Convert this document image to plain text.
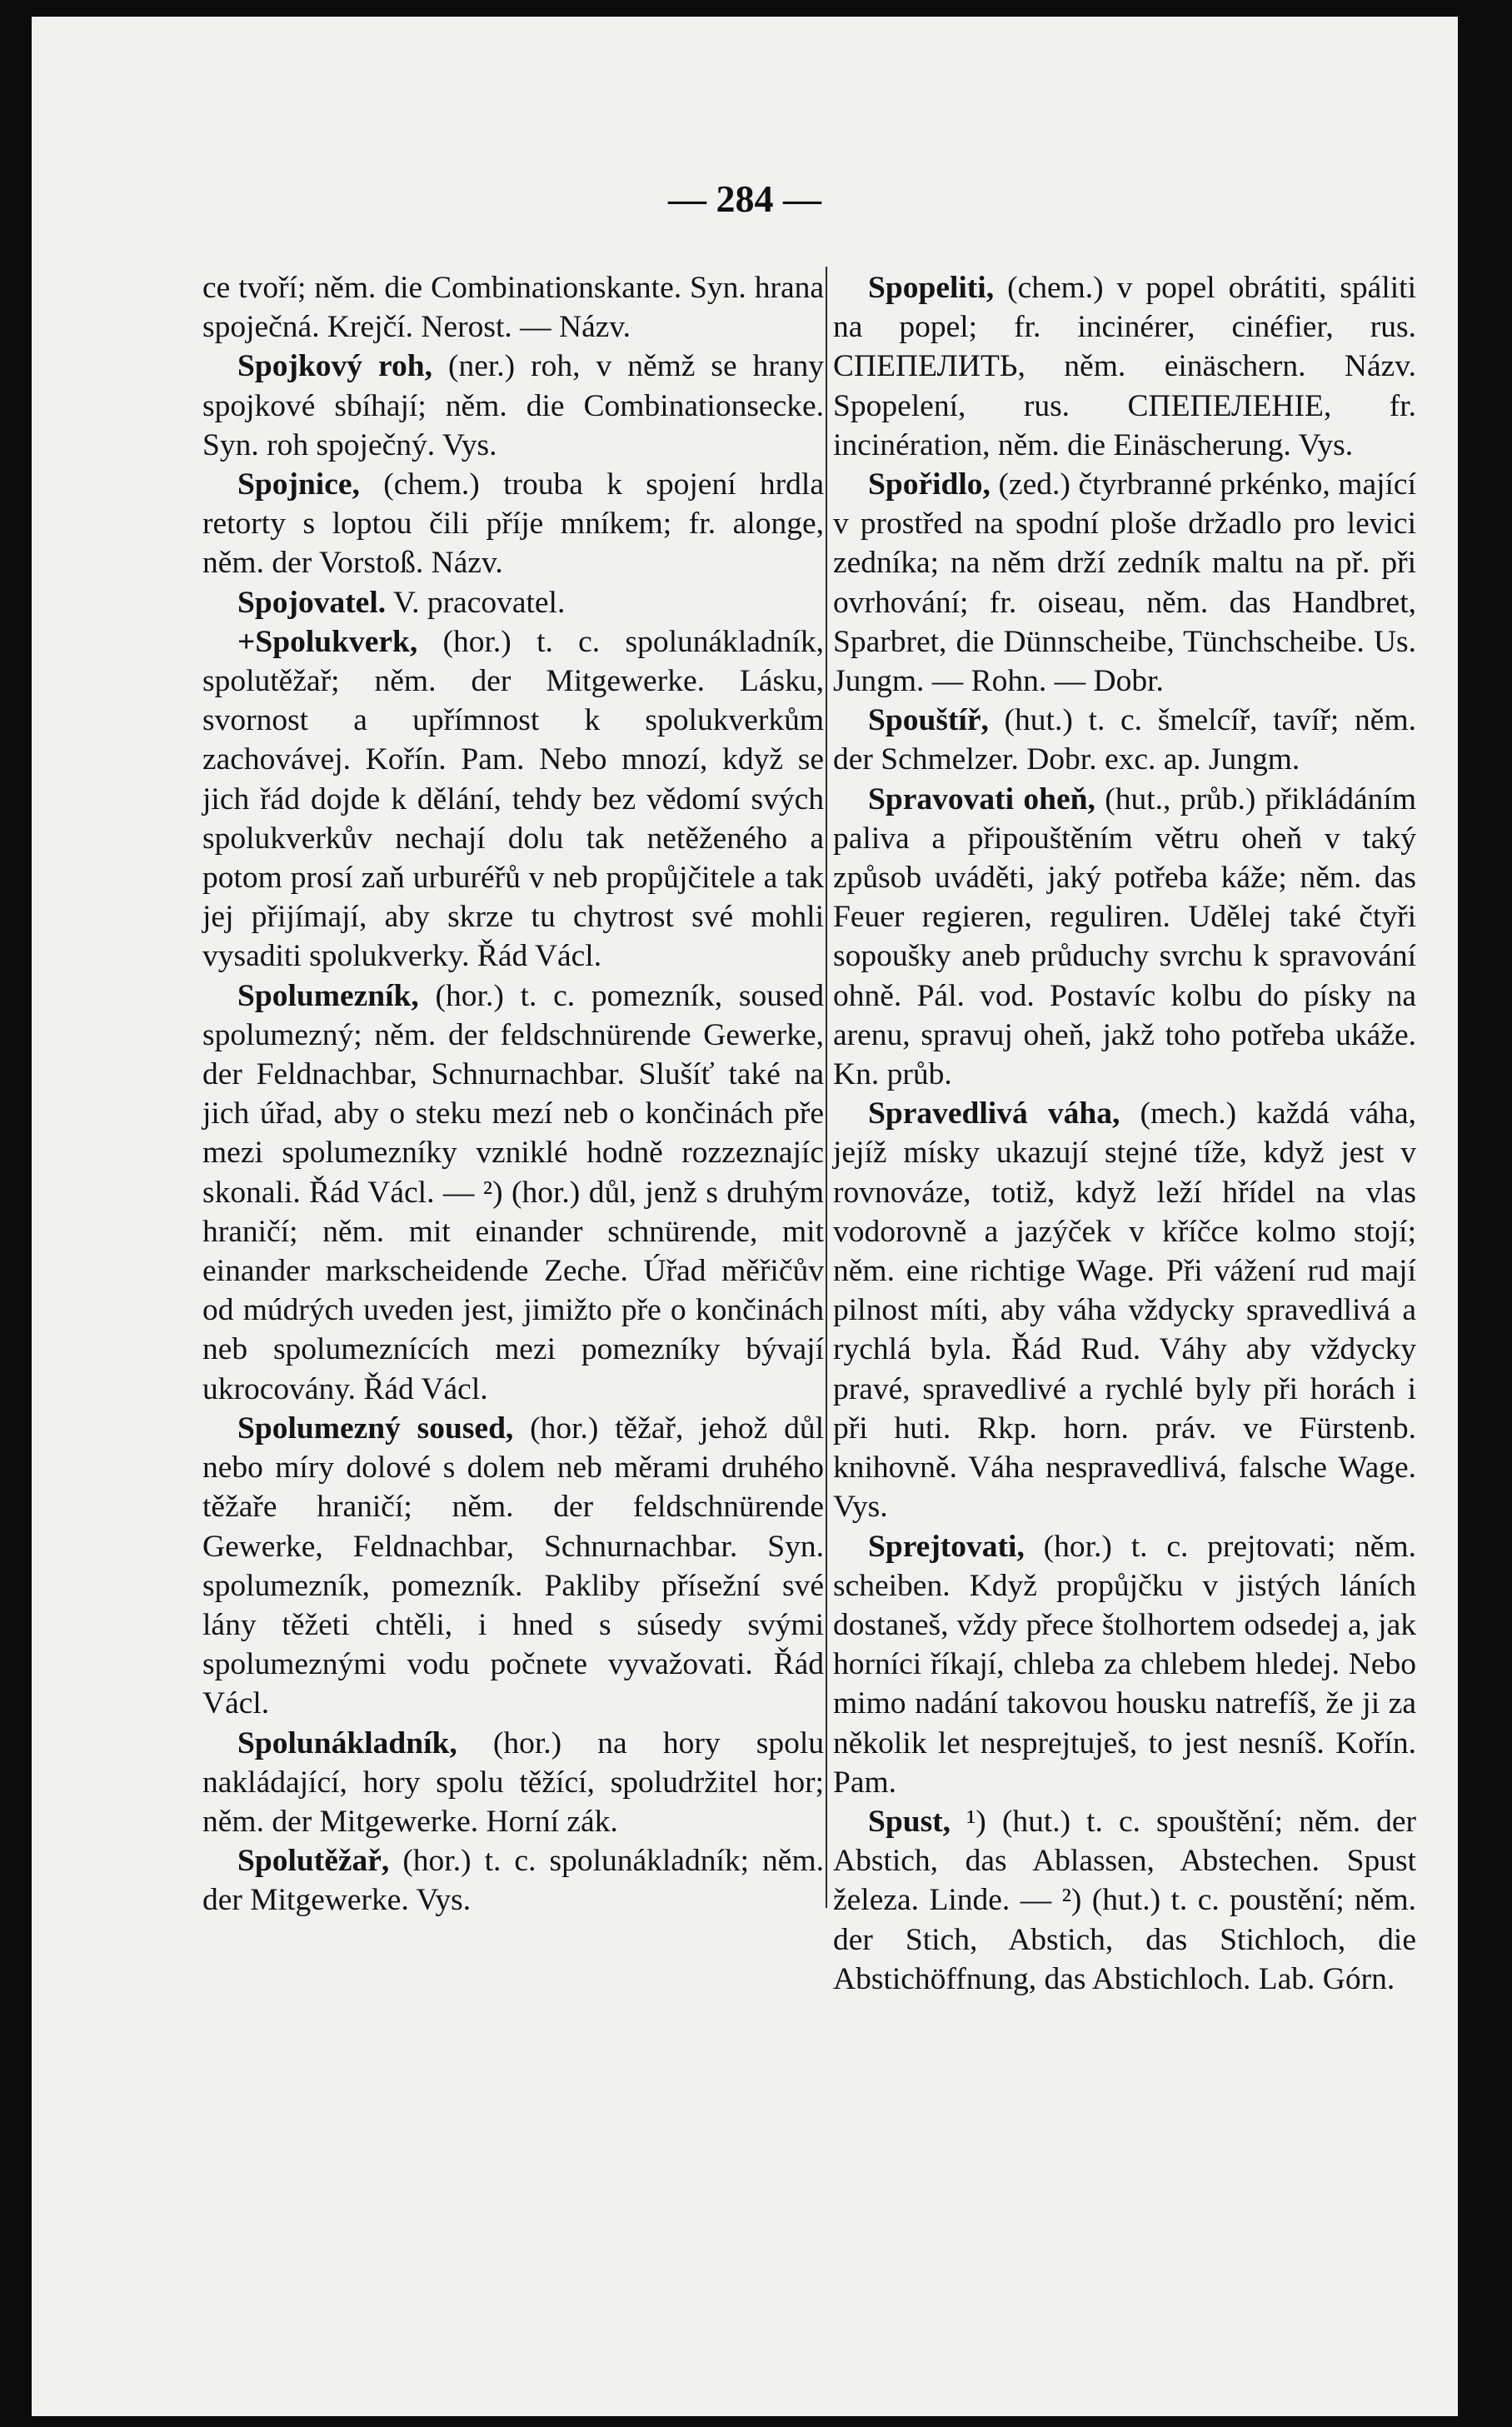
— 284 —

ce tvoří; něm. die Combinationskante. Syn. hrana spoječná. Krejčí. Nerost. — Názv.

Spojkový roh, (ner.) roh, v němž se hrany spojkové sbíhají; něm. die Combinationsecke. Syn. roh spoječný. Vys.

Spojnice, (chem.) trouba k spojení hrdla retorty s loptou čili příje mníkem; fr. alonge, něm. der Vorstoß. Názv.

Spojovatel. V. pracovatel.

+Spolukverk, (hor.) t. c. spolunákladník, spolutěžař; něm. der Mitgewerke. Lásku, svornost a upřímnost k spolukverkům zachovávej. Kořín. Pam. Nebo mnozí, když se jich řád dojde k dělání, tehdy bez vědomí svých spolukverkův nechají dolu tak netěženého a potom prosí zaň urburéřů v neb propůjčitele a tak jej přijímají, aby skrze tu chytrost své mohli vysaditi spolukverky. Řád Václ.

Spolumezník, (hor.) t. c. pomezník, soused spolumezný; něm. der feldschnürende Gewerke, der Feldnachbar, Schnurnachbar. Slušíť také na jich úřad, aby o steku mezí neb o končinách pře mezi spolumezníky vzniklé hodně rozzeznajíc skonali. Řád Václ. — ²) (hor.) důl, jenž s druhým hraničí; něm. mit einander schnürende, mit einander markscheidende Zeche. Úřad měřičův od múdrých uveden jest, jimižto pře o končinách neb spolumeznících mezi pomezníky bývají ukrocovány. Řád Václ.

Spolumezný soused, (hor.) těžař, jehož důl nebo míry dolové s dolem neb měrami druhého těžaře hraničí; něm. der feldschnürende Gewerke, Feldnachbar, Schnurnachbar. Syn. spolumezník, pomezník. Pakliby přísežní své lány těžeti chtěli, i hned s súsedy svými spolumeznými vodu počnete vyvažovati. Řád Václ.

Spolunákladník, (hor.) na hory spolu nakládající, hory spolu těžící, spoludržitel hor; něm. der Mitgewerke. Horní zák.

Spolutěžař, (hor.) t. c. spolunákladník; něm. der Mitgewerke. Vys.

Spopeliti, (chem.) v popel obrátiti, spáliti na popel; fr. incinérer, cinéfier, rus. СПЕПЕЛИТЬ, něm. einäschern. Názv. Spopelení, rus. СПЕПЕЛЕНІЕ, fr. incinération, něm. die Einäscherung. Vys.

Spořidlo, (zed.) čtyrbranné prkénko, mající v prostřed na spodní ploše držadlo pro levici zedníka; na něm drží zedník maltu na př. při ovrhování; fr. oiseau, něm. das Handbret, Sparbret, die Dünnscheibe, Tünchscheibe. Us. Jungm. — Rohn. — Dobr.

Spouštíř, (hut.) t. c. šmelcíř, tavíř; něm. der Schmelzer. Dobr. exc. ap. Jungm.

Spravovati oheň, (hut., průb.) přikládáním paliva a připouštěním větru oheň v taký způsob uváděti, jaký potřeba káže; něm. das Feuer regieren, reguliren. Udělej také čtyři sopoušky aneb průduchy svrchu k spravování ohně. Pál. vod. Postavíc kolbu do písky na arenu, spravuj oheň, jakž toho potřeba ukáže. Kn. průb.

Spravedlivá váha, (mech.) každá váha, jejíž mísky ukazují stejné tíže, když jest v rovnováze, totiž, když leží hřídel na vlas vodorovně a jazýček v kříčce kolmo stojí; něm. eine richtige Wage. Při vážení rud mají pilnost míti, aby váha vždycky spravedlivá a rychlá byla. Řád Rud. Váhy aby vždycky pravé, spravedlivé a rychlé byly při horách i při huti. Rkp. horn. práv. ve Fürstenb. knihovně. Váha nespravedlivá, falsche Wage. Vys.

Sprejtovati, (hor.) t. c. prejtovati; něm. scheiben. Když propůjčku v jistých láních dostaneš, vždy přece štolhortem odsedej a, jak horníci říkají, chleba za chlebem hledej. Nebo mimo nadání takovou housku natrefíš, že ji za několik let nesprejtuješ, to jest nesníš. Kořín. Pam.

Spust, ¹) (hut.) t. c. spouštění; něm. der Abstich, das Ablassen, Abstechen. Spust železa. Linde. — ²) (hut.) t. c. poustění; něm. der Stich, Abstich, das Stichloch, die Abstichöffnung, das Abstichloch. Lab. Górn.
